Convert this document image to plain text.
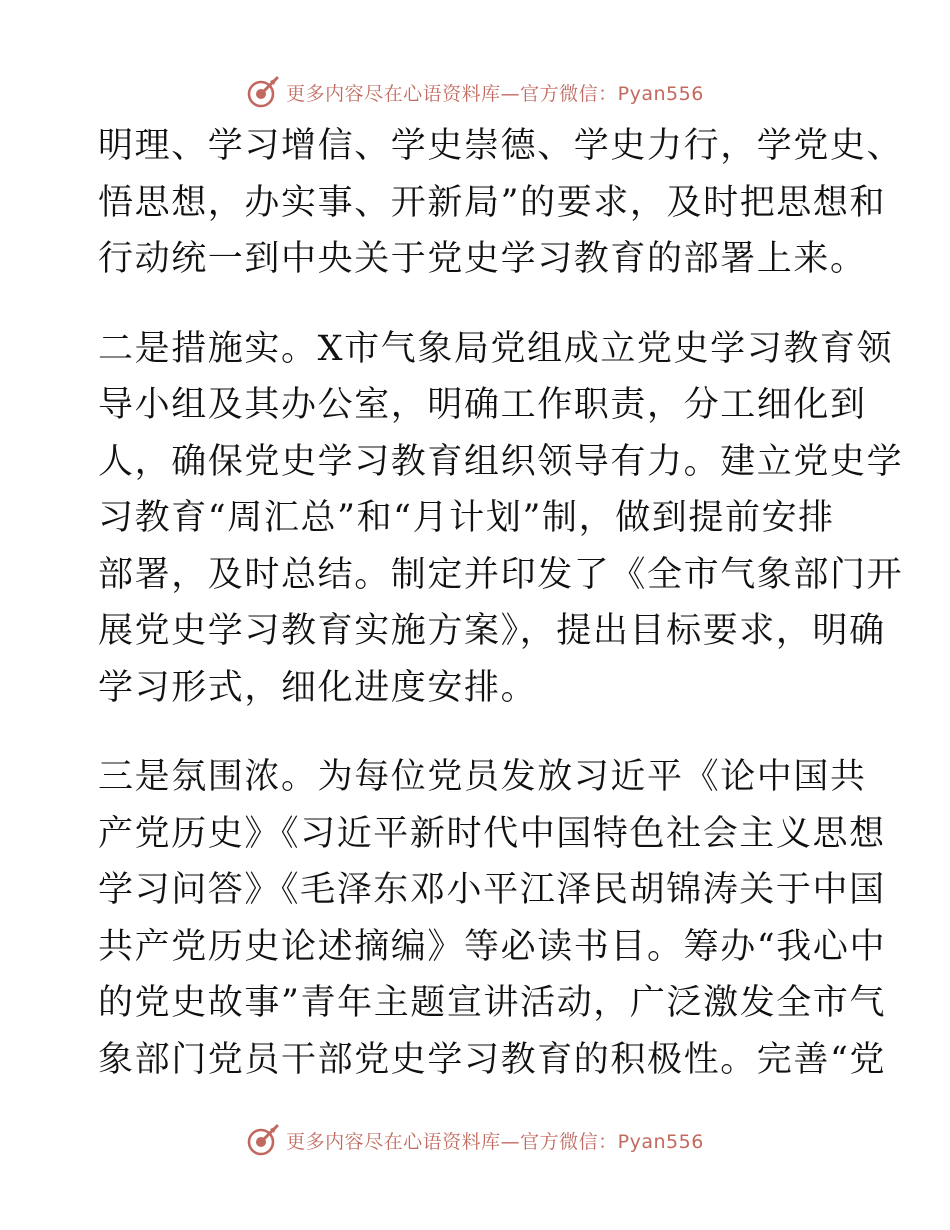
更多内容尽在心语资料库—官方微信：Pyan556
明理、学习增信、学史崇德、学史力行，学党史、
悟思想，办实事、开新局”的要求，及时把思想和
行动统一到中央关于党史学习教育的部署上来。
二是措施实。X市气象局党组成立党史学习教育领
导小组及其办公室，明确工作职责，分工细化到
人，确保党史学习教育组织领导有力。建立党史学
习教育“周汇总”和“月计划”制，做到提前安排
部署，及时总结。制定并印发了《全市气象部门开
展党史学习教育实施方案》，提出目标要求，明确
学习形式，细化进度安排。
三是氛围浓。为每位党员发放习近平《论中国共
产党历史》《习近平新时代中国特色社会主义思想
学习问答》《毛泽东邓小平江泽民胡锦涛关于中国
共产党历史论述摘编》等必读书目。筹办“我心中
的党史故事”青年主题宣讲活动，广泛激发全市气
象部门党员干部党史学习教育的积极性。完善“党
更多内容尽在心语资料库—官方微信：Pyan556
